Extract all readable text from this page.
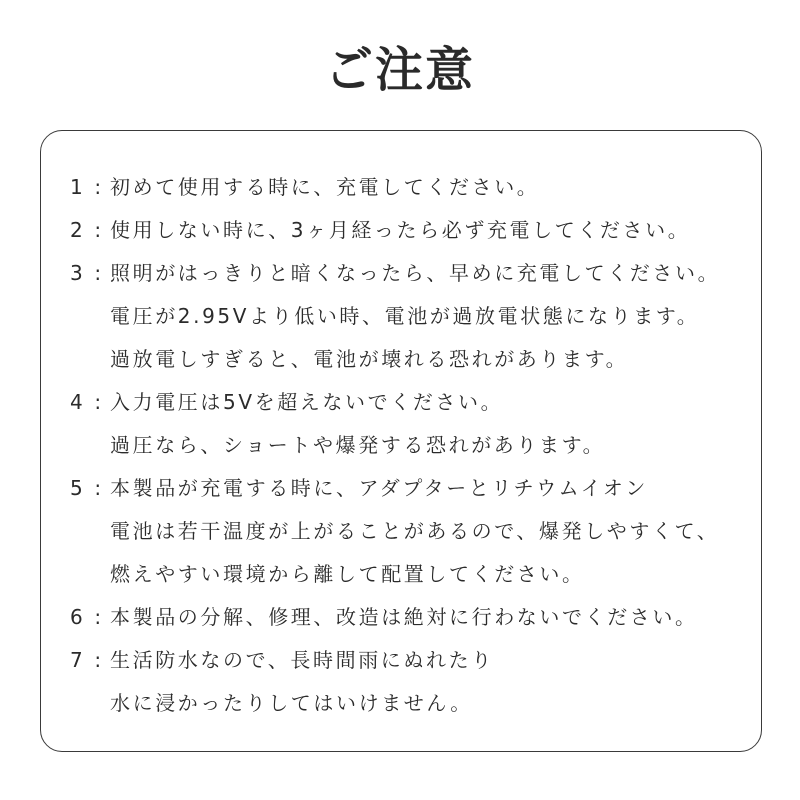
ご注意
1 : 初めて使用する時に、充電してください。
2 : 使用しない時に、3ヶ月経ったら必ず充電してください。
3 : 照明がはっきりと暗くなったら、早めに充電してください。
電圧が2.95Vより低い時、電池が過放電状態になります。
過放電しすぎると、電池が壊れる恐れがあります。
4 : 入力電圧は5Vを超えないでください。
過圧なら、ショートや爆発する恐れがあります。
5 : 本製品が充電する時に、アダプターとリチウムイオン
電池は若干温度が上がることがあるので、爆発しやすくて、
燃えやすい環境から離して配置してください。
6 : 本製品の分解、修理、改造は絶対に行わないでください。
7 : 生活防水なので、長時間雨にぬれたり
水に浸かったりしてはいけません。
